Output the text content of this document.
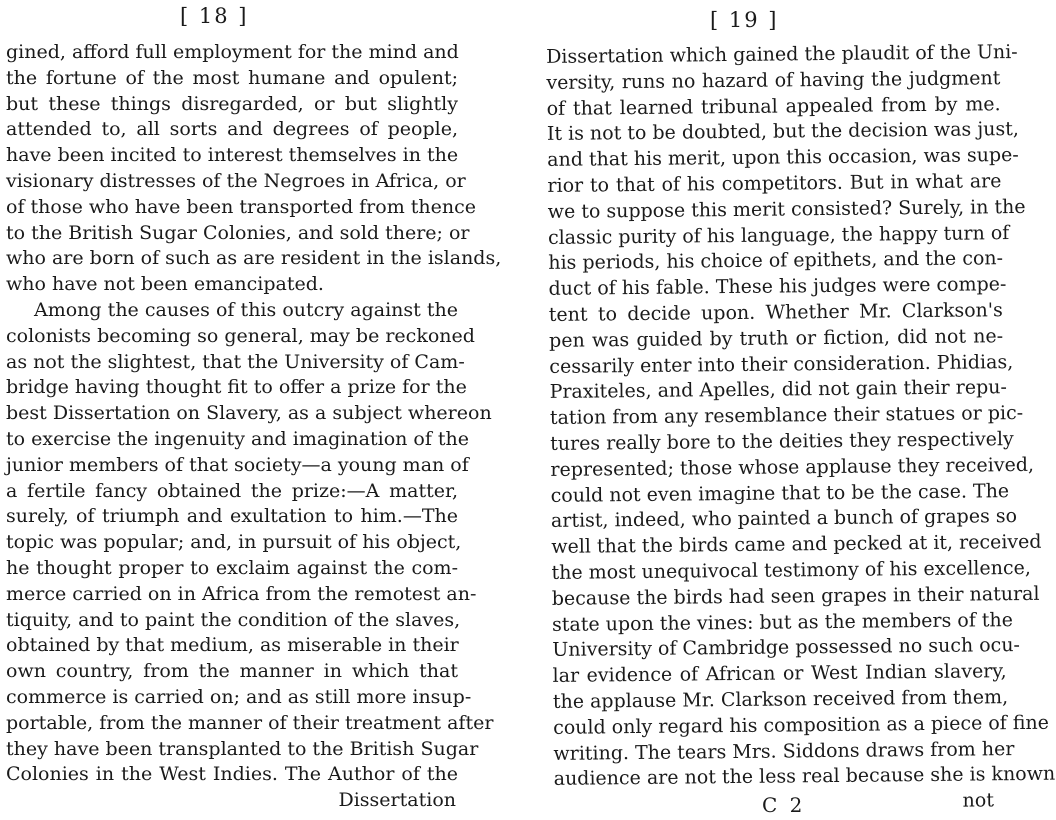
[ 18 ]
gined, afford full employment for the mind and
the fortune of the most humane and opulent;
but these things disregarded, or but slightly
attended to, all sorts and degrees of people,
have been incited to interest themselves in the
visionary distresses of the Negroes in Africa, or
of those who have been transported from thence
to the British Sugar Colonies, and sold there; or
who are born of such as are resident in the islands,
who have not been emancipated.
Among the causes of this outcry against the
colonists becoming so general, may be reckoned
as not the slightest, that the University of Cam-
bridge having thought fit to offer a prize for the
best Dissertation on Slavery, as a subject whereon
to exercise the ingenuity and imagination of the
junior members of that society—a young man of
a fertile fancy obtained the prize:—A matter,
surely, of triumph and exultation to him.—The
topic was popular; and, in pursuit of his object,
he thought proper to exclaim against the com-
merce carried on in Africa from the remotest an-
tiquity, and to paint the condition of the slaves,
obtained by that medium, as miserable in their
own country, from the manner in which that
commerce is carried on; and as still more insup-
portable, from the manner of their treatment after
they have been transplanted to the British Sugar
Colonies in the West Indies. The Author of the
Dissertation
[ 19 ]
Dissertation which gained the plaudit of the Uni-
versity, runs no hazard of having the judgment
of that learned tribunal appealed from by me.
It is not to be doubted, but the decision was just,
and that his merit, upon this occasion, was supe-
rior to that of his competitors. But in what are
we to suppose this merit consisted? Surely, in the
classic purity of his language, the happy turn of
his periods, his choice of epithets, and the con-
duct of his fable. These his judges were compe-
tent to decide upon. Whether Mr. Clarkson's
pen was guided by truth or fiction, did not ne-
cessarily enter into their consideration. Phidias,
Praxiteles, and Apelles, did not gain their repu-
tation from any resemblance their statues or pic-
tures really bore to the deities they respectively
represented; those whose applause they received,
could not even imagine that to be the case. The
artist, indeed, who painted a bunch of grapes so
well that the birds came and pecked at it, received
the most unequivocal testimony of his excellence,
because the birds had seen grapes in their natural
state upon the vines: but as the members of the
University of Cambridge possessed no such ocu-
lar evidence of African or West Indian slavery,
the applause Mr. Clarkson received from them,
could only regard his composition as a piece of fine
writing. The tears Mrs. Siddons draws from her
audience are not the less real because she is known
not
C 2
